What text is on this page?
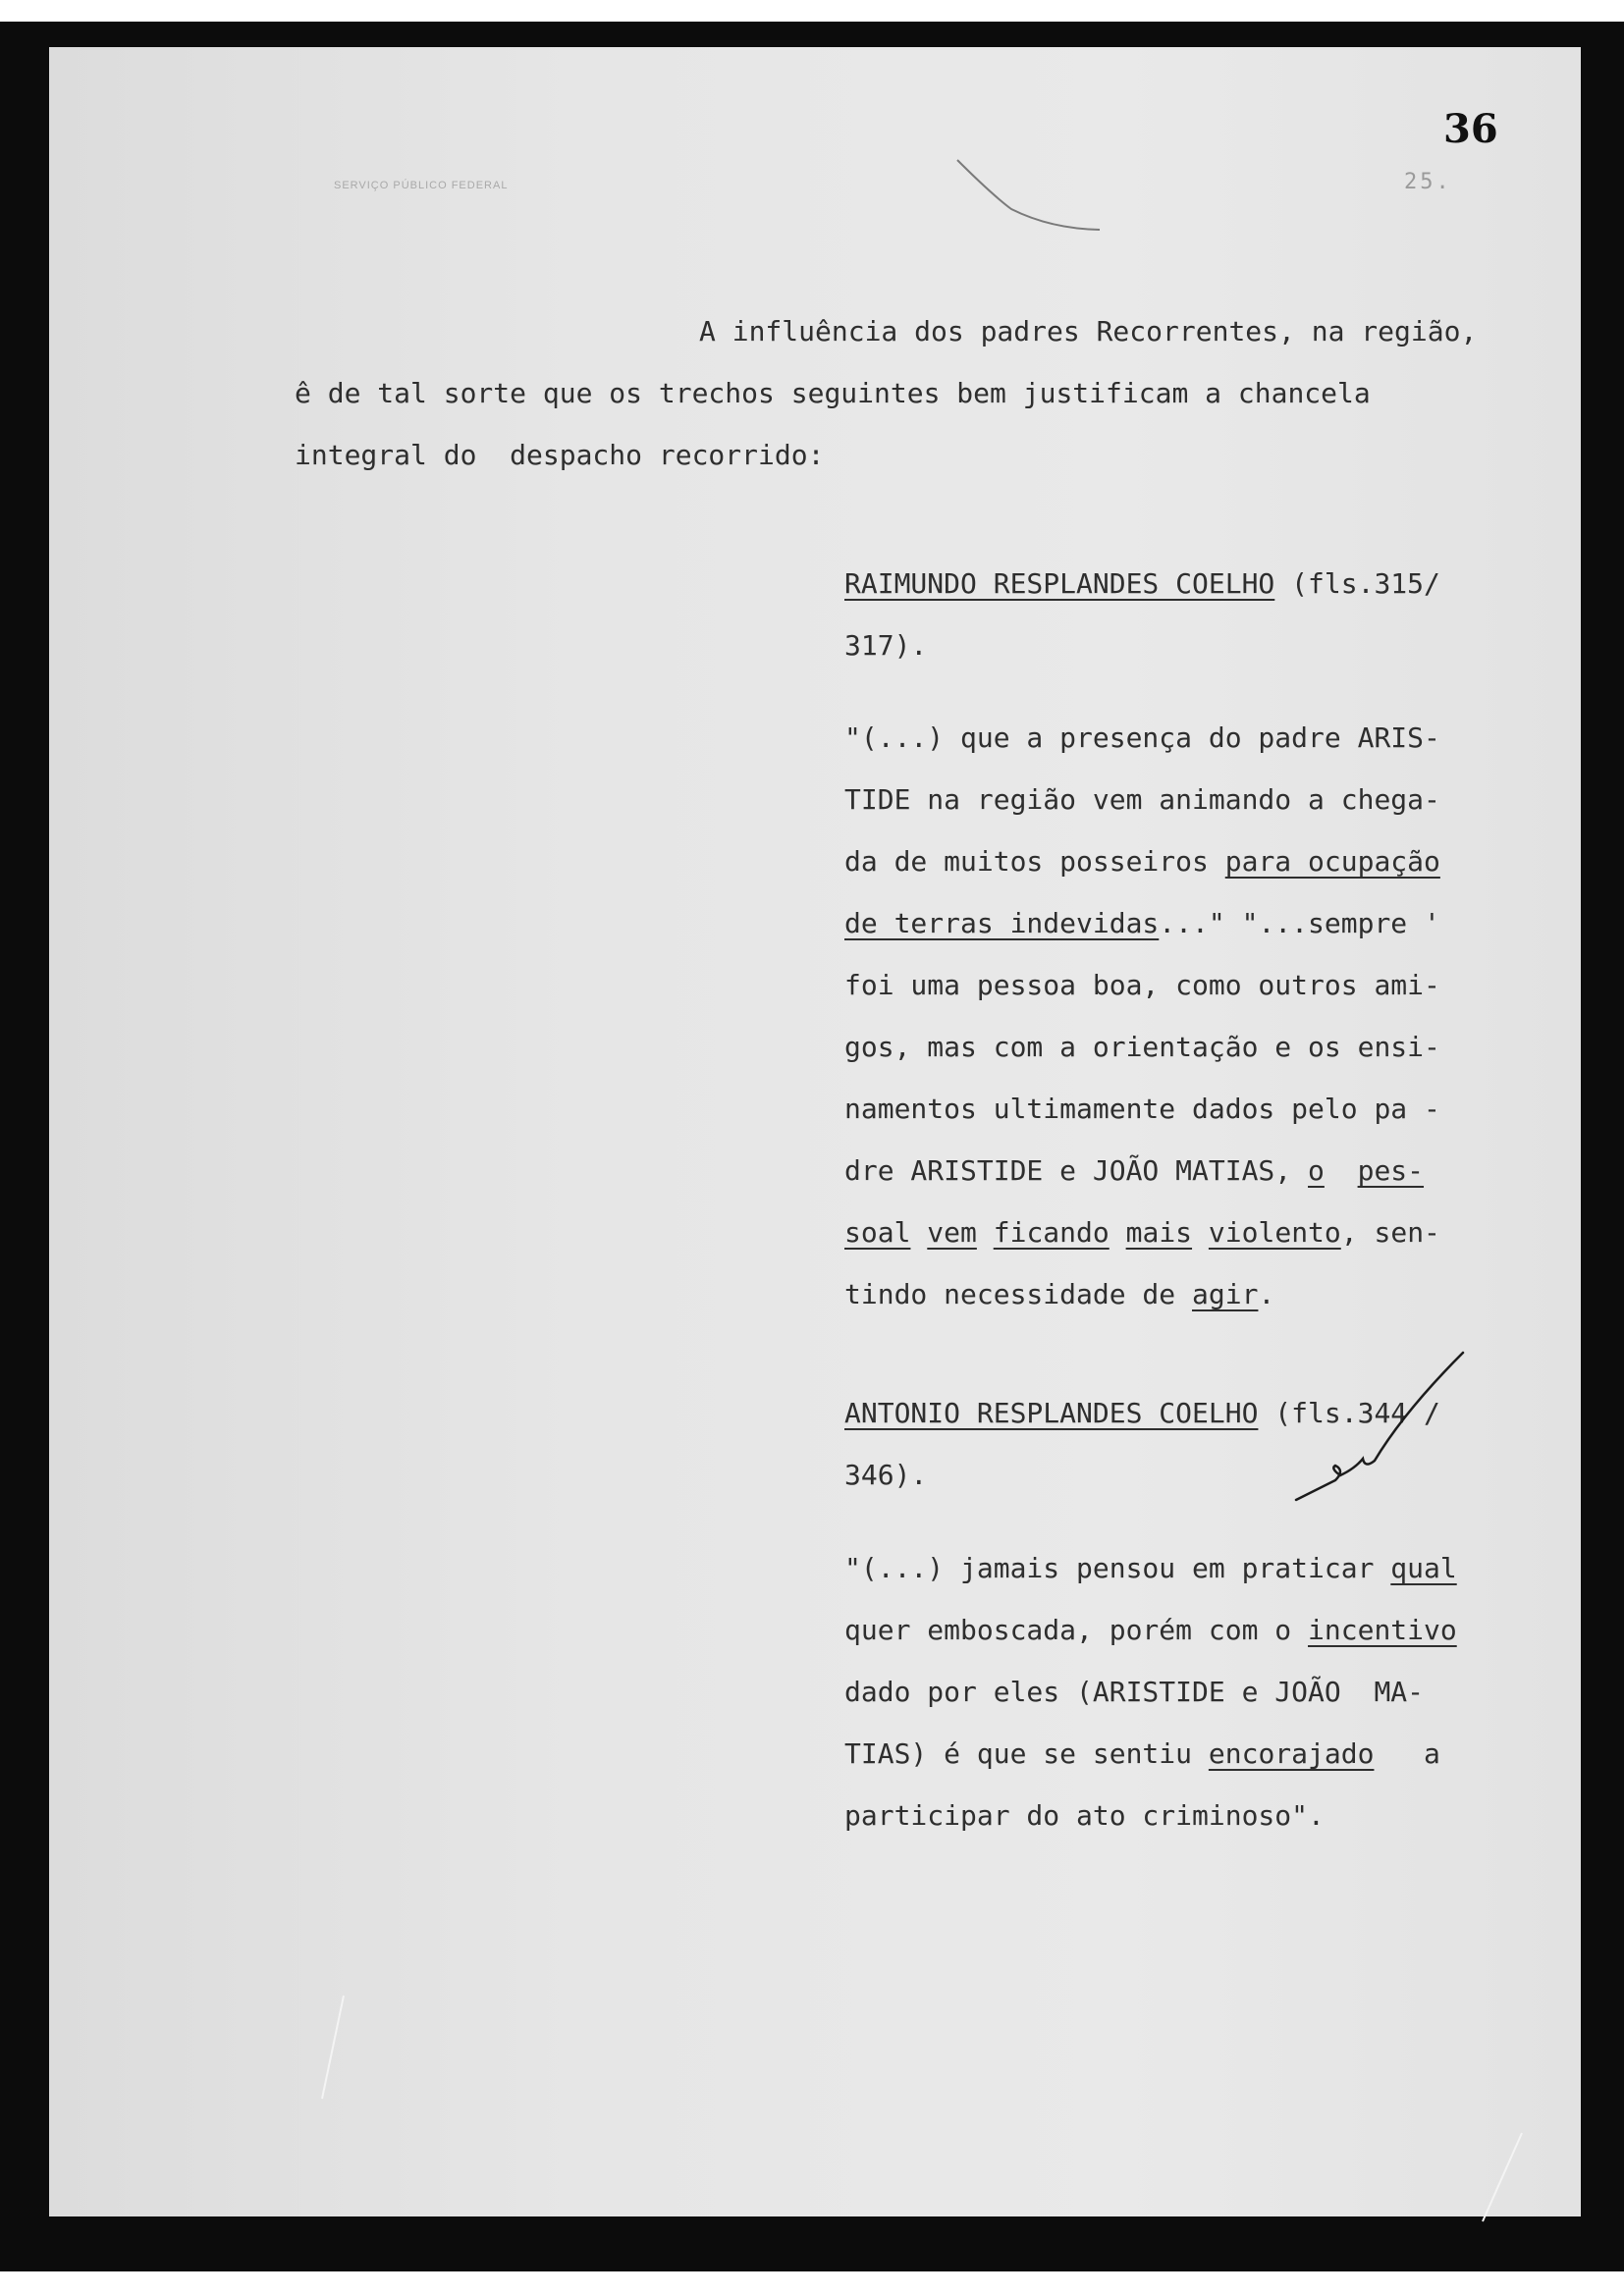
36

25.

SERVIÇO PÚBLICO FEDERAL

A influência dos padres Recorrentes, na região,

ê de tal sorte que os trechos seguintes bem justificam a chancela

integral do  despacho recorrido:

RAIMUNDO RESPLANDES COELHO (fls.315/

317).

"(...) que a presença do padre ARIS-

TIDE na região vem animando a chega-

da de muitos posseiros para ocupação

de terras indevidas..." "...sempre '

foi uma pessoa boa, como outros ami-

gos, mas com a orientação e os ensi-

namentos ultimamente dados pelo pa -

dre ARISTIDE e JOÃO MATIAS, o pes-

soal vem ficando mais violento, sen-

tindo necessidade de agir.

ANTONIO RESPLANDES COELHO (fls.344 /

346).

"(...) jamais pensou em praticar qual

quer emboscada, porém com o incentivo

dado por eles (ARISTIDE e JOÃO  MA-

TIAS) é que se sentiu encorajado   a

participar do ato criminoso".
